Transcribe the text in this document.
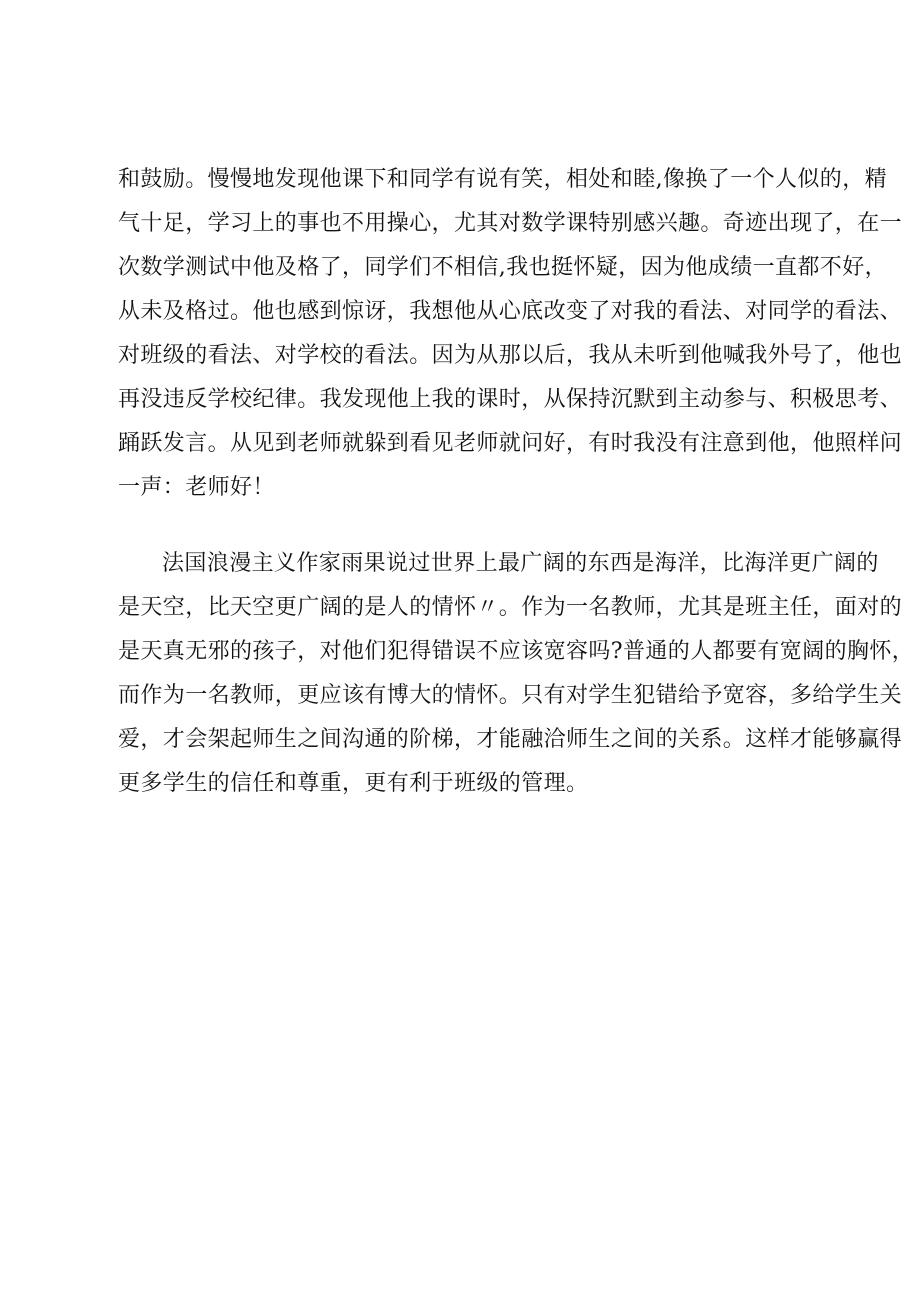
和鼓励。慢慢地发现他课下和同学有说有笑，相处和睦,像换了一个人似的，精
气十足，学习上的事也不用操心，尤其对数学课特别感兴趣。奇迹出现了，在一
次数学测试中他及格了，同学们不相信,我也挺怀疑，因为他成绩一直都不好，
从未及格过。他也感到惊讶，我想他从心底改变了对我的看法、对同学的看法、
对班级的看法、对学校的看法。因为从那以后，我从未听到他喊我外号了，他也
再没违反学校纪律。我发现他上我的课时，从保持沉默到主动参与、积极思考、
踊跃发言。从见到老师就躲到看见老师就问好，有时我没有注意到他，他照样问
一声：老师好！
法国浪漫主义作家雨果说过世界上最广阔的东西是海洋，比海洋更广阔的
是天空，比天空更广阔的是人的情怀〃。作为一名教师，尤其是班主任，面对的
是天真无邪的孩子，对他们犯得错误不应该宽容吗?普通的人都要有宽阔的胸怀，
而作为一名教师，更应该有博大的情怀。只有对学生犯错给予宽容，多给学生关
爱，才会架起师生之间沟通的阶梯，才能融洽师生之间的关系。这样才能够赢得
更多学生的信任和尊重，更有利于班级的管理。
